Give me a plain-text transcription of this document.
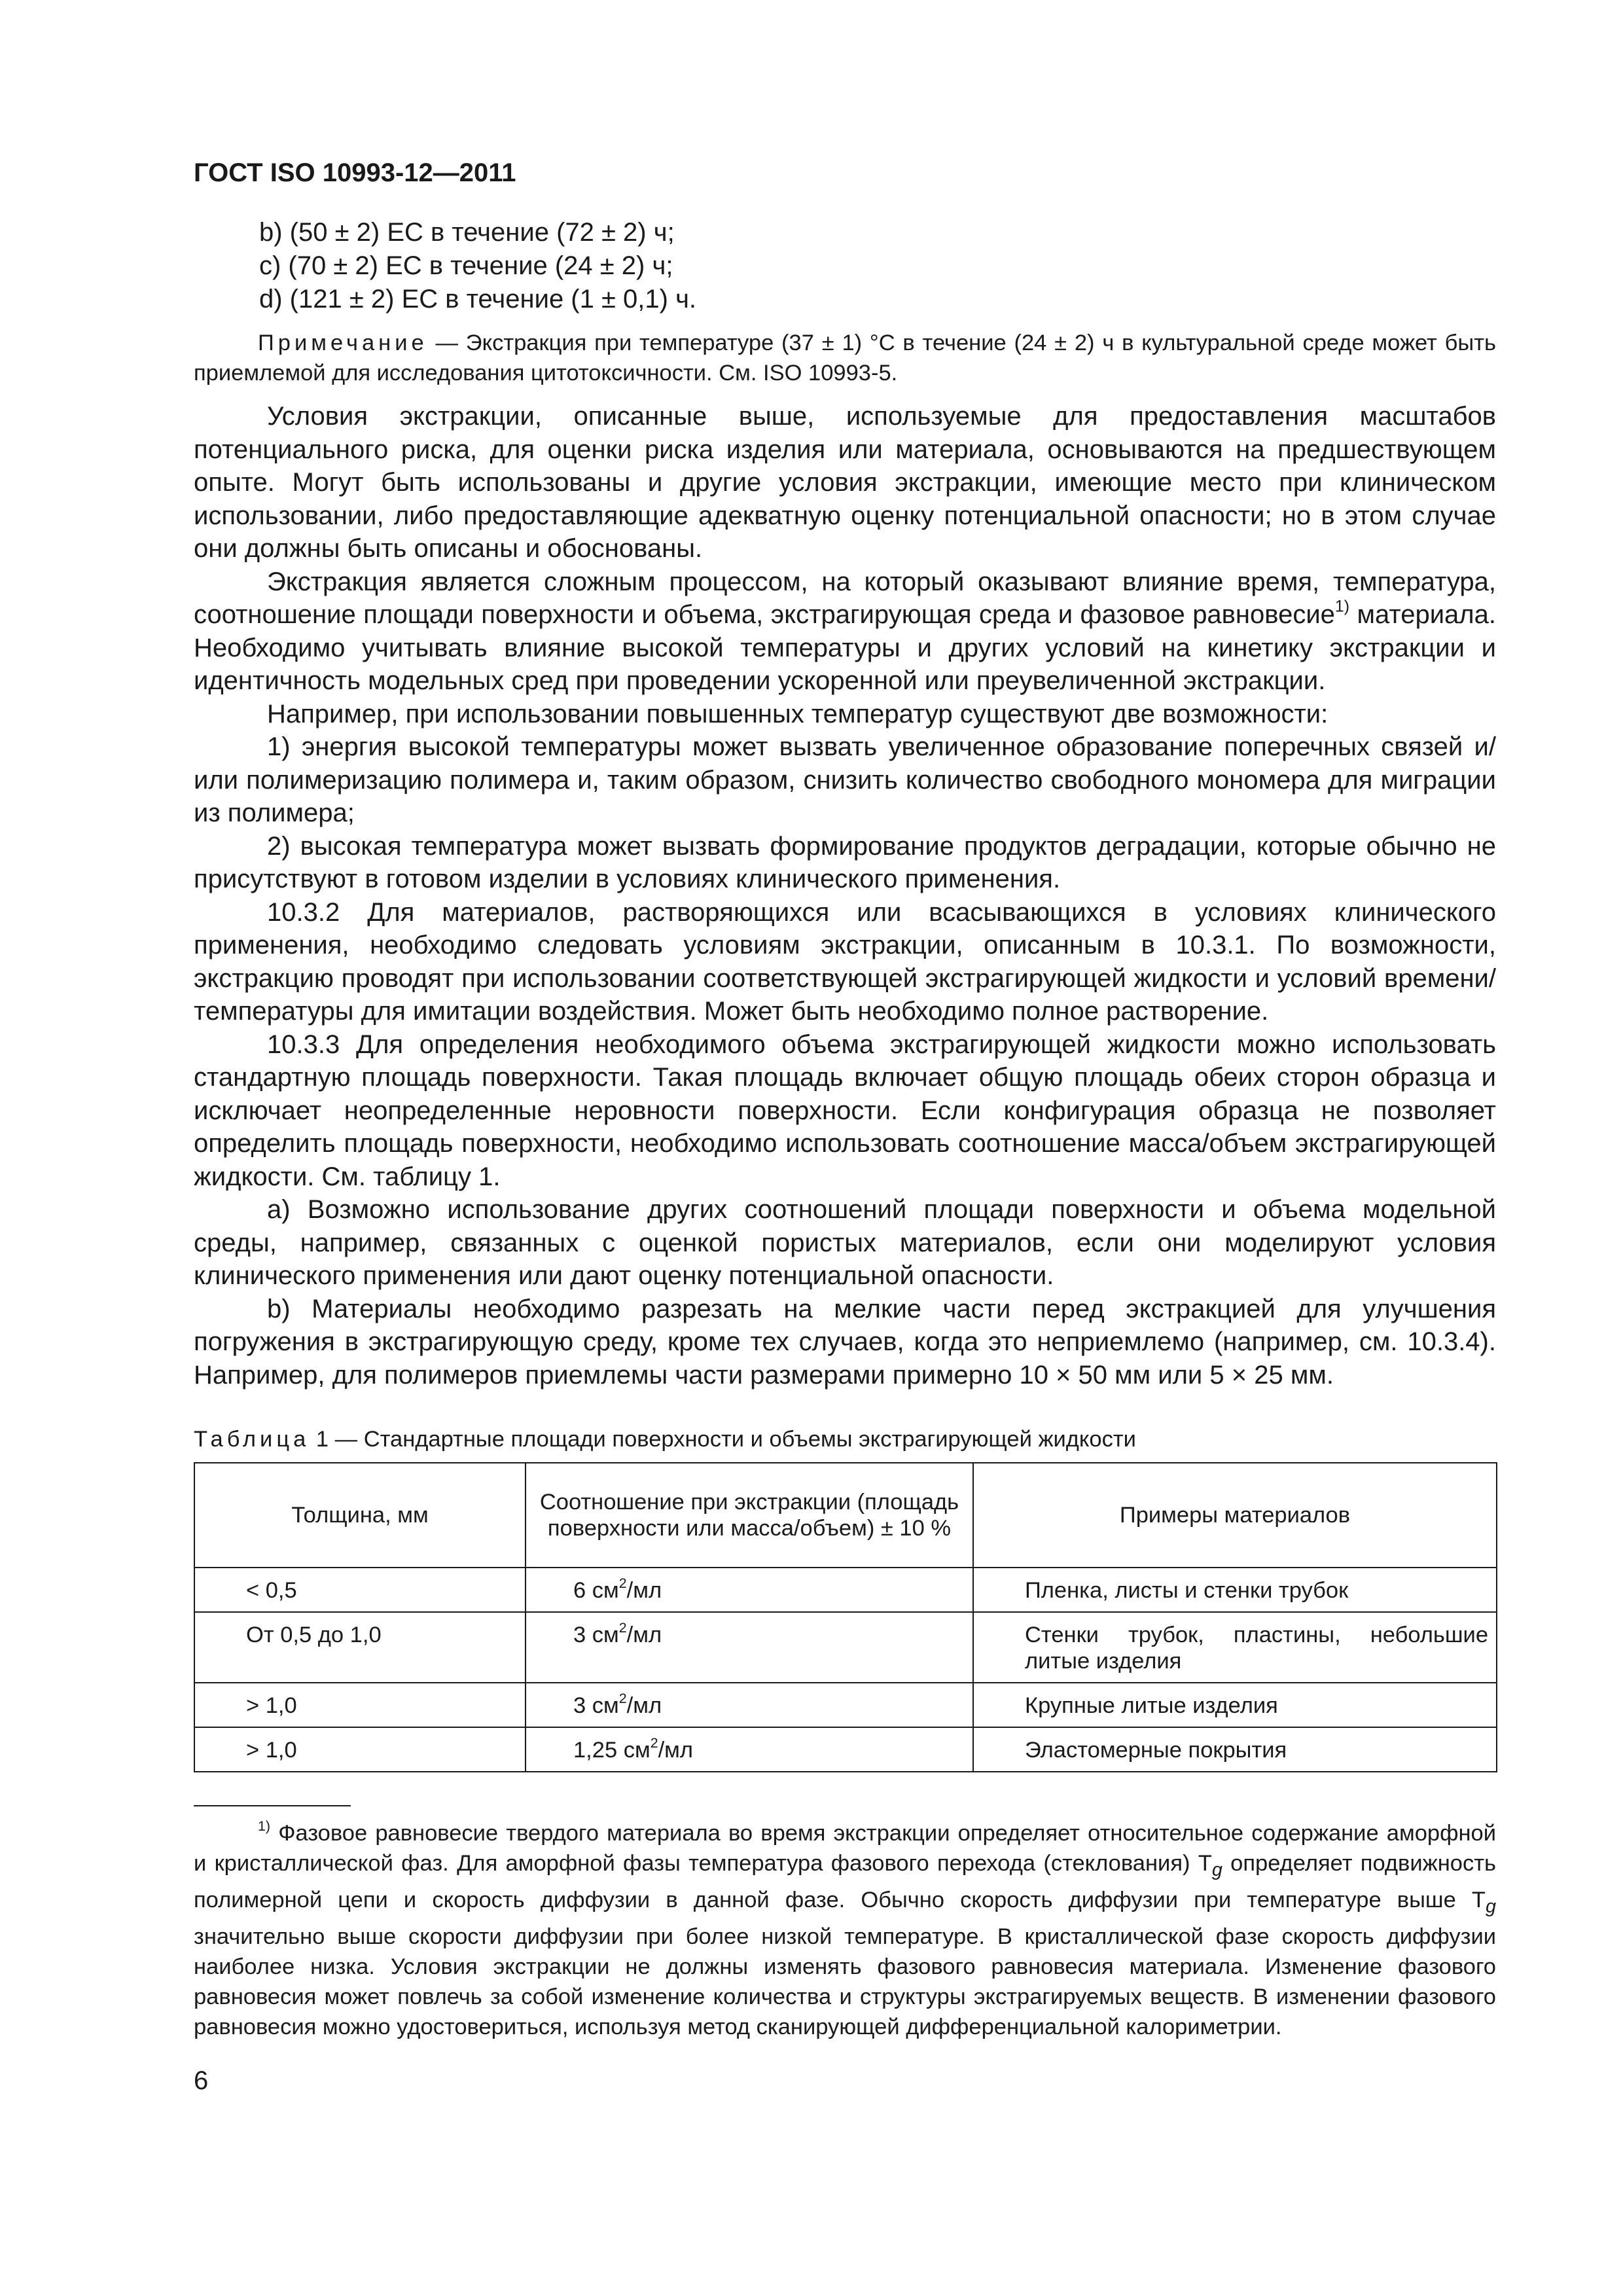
ГОСТ ISO 10993-12—2011
b) (50 ± 2) ЕС в течение (72 ± 2) ч;
c) (70 ± 2) ЕС в течение (24 ± 2) ч;
d) (121 ± 2) ЕС в течение (1 ± 0,1) ч.

Примечание — Экстракция при температуре (37 ± 1) °С в течение (24 ± 2) ч в культуральной среде может быть приемлемой для исследования цитотоксичности. См. ISO 10993-5.

Условия экстракции, описанные выше, используемые для предоставления масштабов потенциального риска, для оценки риска изделия или материала, основываются на предшествующем опыте. Могут быть использованы и другие условия экстракции, имеющие место при клиническом использовании, либо предоставляющие адекватную оценку потенциальной опасности; но в этом случае они должны быть описаны и обоснованы.

Экстракция является сложным процессом, на который оказывают влияние время, температура, соотношение площади поверхности и объема, экстрагирующая среда и фазовое равновесие$^{1)}$ материала. Необходимо учитывать влияние высокой температуры и других условий на кинетику экстракции и идентичность модельных сред при проведении ускоренной или преувеличенной экстракции.

Например, при использовании повышенных температур существуют две возможности:

1) энергия высокой температуры может вызвать увеличенное образование поперечных связей и/или полимеризацию полимера и, таким образом, снизить количество свободного мономера для миграции из полимера;

2) высокая температура может вызвать формирование продуктов деградации, которые обычно не присутствуют в готовом изделии в условиях клинического применения.

10.3.2 Для материалов, растворяющихся или всасывающихся в условиях клинического применения, необходимо следовать условиям экстракции, описанным в 10.3.1. По возможности, экстракцию проводят при использовании соответствующей экстрагирующей жидкости и условий времени/температуры для имитации воздействия. Может быть необходимо полное растворение.

10.3.3 Для определения необходимого объема экстрагирующей жидкости можно использовать стандартную площадь поверхности. Такая площадь включает общую площадь обеих сторон образца и исключает неопределенные неровности поверхности. Если конфигурация образца не позволяет определить площадь поверхности, необходимо использовать соотношение масса/объем экстрагирующей жидкости. См. таблицу 1.

а) Возможно использование других соотношений площади поверхности и объема модельной среды, например, связанных с оценкой пористых материалов, если они моделируют условия клинического применения или дают оценку потенциальной опасности.

b) Материалы необходимо разрезать на мелкие части перед экстракцией для улучшения погружения в экстрагирующую среду, кроме тех случаев, когда это неприемлемо (например, см. 10.3.4). Например, для полимеров приемлемы части размерами примерно 10 × 50 мм или 5 × 25 мм.

Таблица 1 — Стандартные площади поверхности и объемы экстрагирующей жидкости
Толщина, мм	Соотношение при экстракции (площадь поверхности или масса/объем) ± 10 %	Примеры материалов
< 0,5	6 $см^2/мл$	Пленка, листы и стенки трубок
От 0,5 до 1,0	3 $см^2/мл$	Стенки трубок, пластины, небольшие литые изделия
> 1,0	3 $см^2/мл$	Крупные литые изделия
> 1,0	1,25 $см^2/мл$	Эластомерные покрытия

$^{1)}$ Фазовое равновесие твердого материала во время экстракции определяет относительное содержание аморфной и кристаллической фаз. Для аморфной фазы температура фазового перехода (стеклования) $T_g$ определяет подвижность полимерной цепи и скорость диффузии в данной фазе. Обычно скорость диффузии при температуре выше $T_g$ значительно выше скорости диффузии при более низкой температуре. В кристаллической фазе скорость диффузии наиболее низка. Условия экстракции не должны изменять фазового равновесия материала. Изменение фазового равновесия может повлечь за собой изменение количества и структуры экстрагируемых веществ. В изменении фазового равновесия можно удостовериться, используя метод сканирующей дифференциальной калориметрии.

6
